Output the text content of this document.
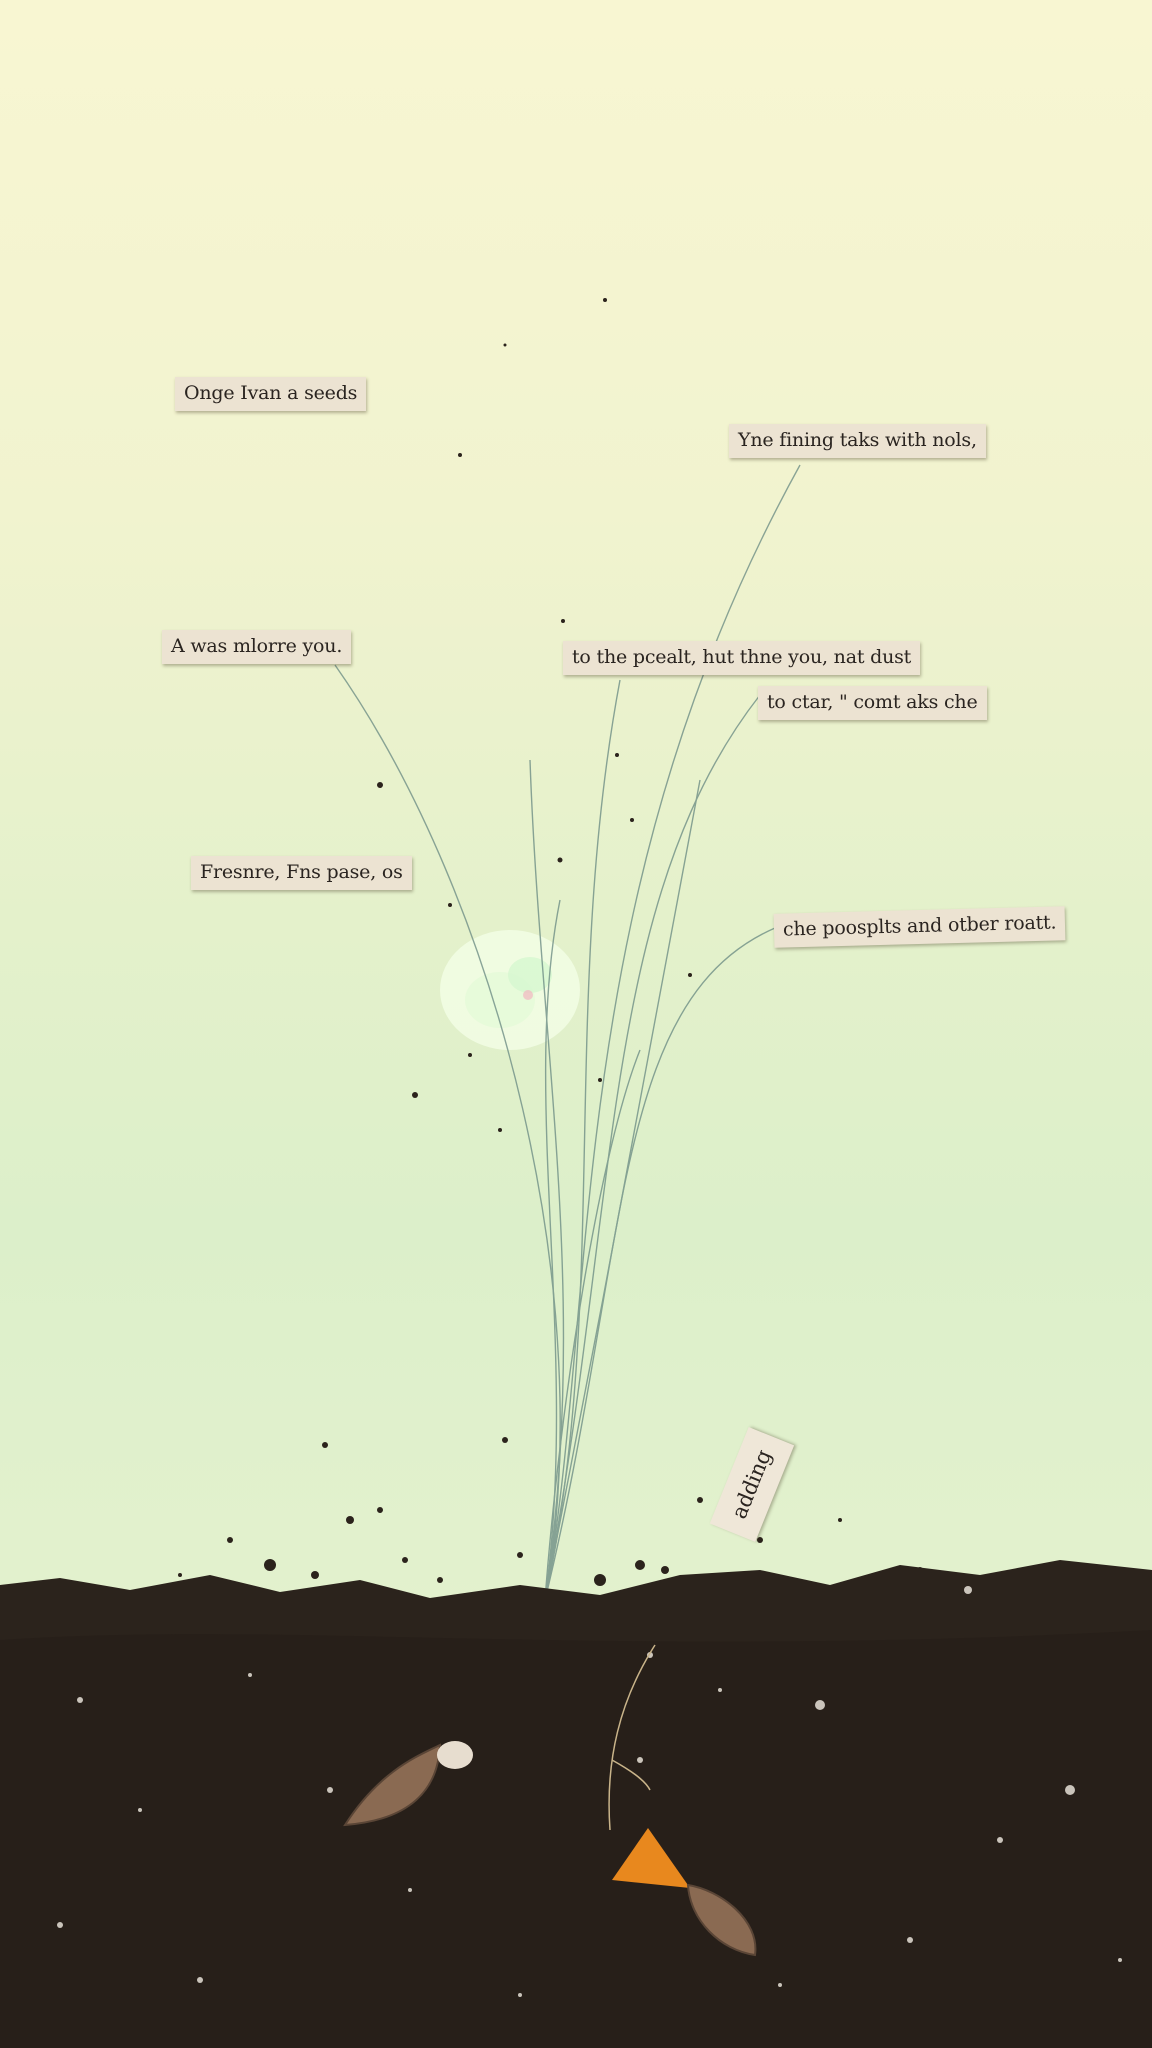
Onge Ivan a seeds
Yne fining taks with nols,
A was mlorre you.	to the pcealt, hut thne you, nat dust
to ctar, " comt aks che
Fresnre, Fns pase, os
che poosplts and otber roatt.
adding
